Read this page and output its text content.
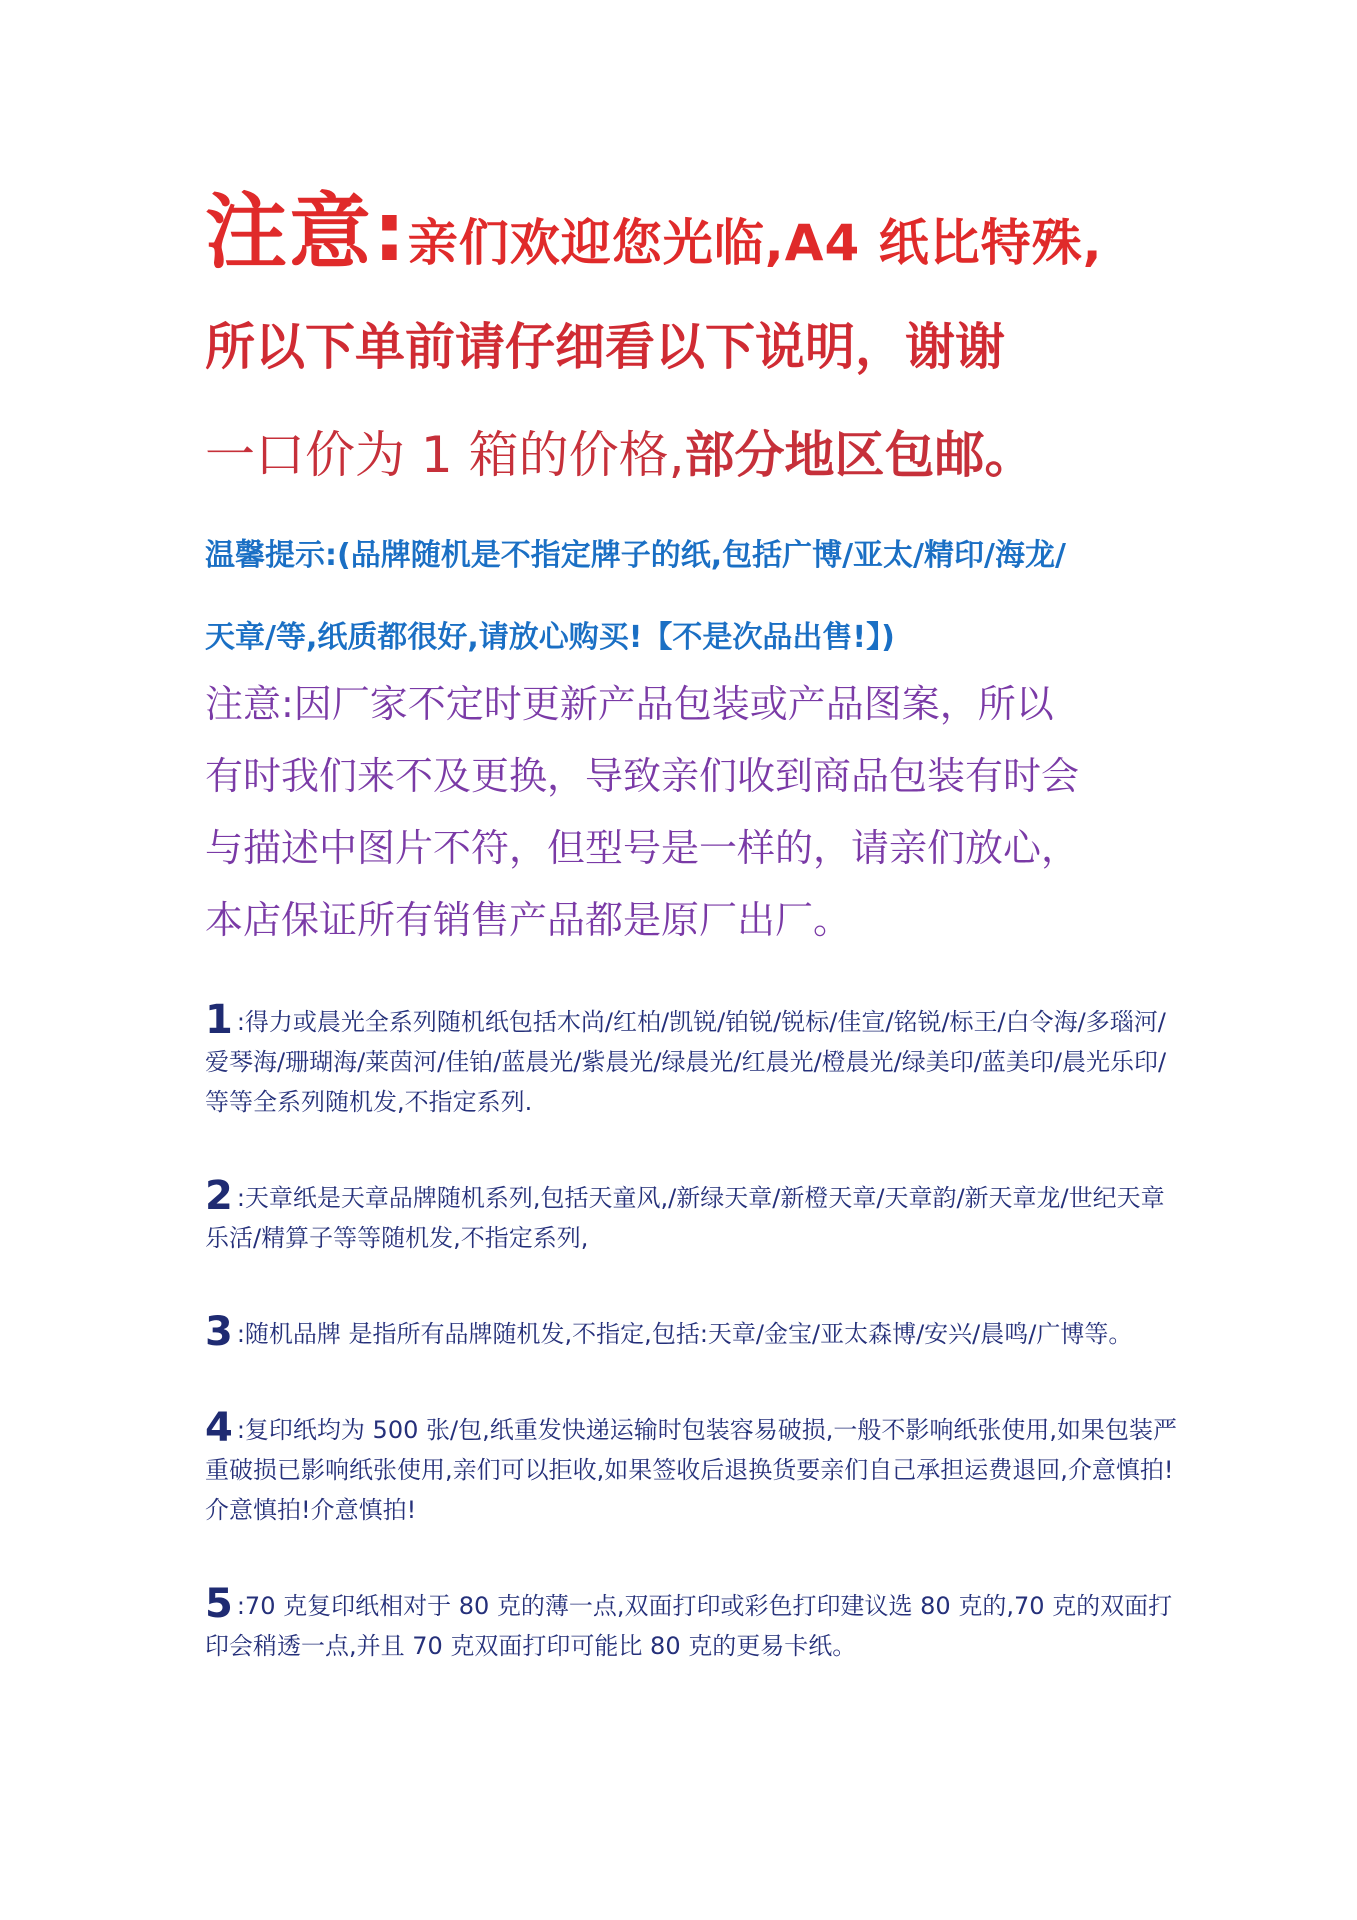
注意:亲们欢迎您光临,A4 纸比特殊,
所以下单前请仔细看以下说明，谢谢
一口价为 1 箱的价格,部分地区包邮。

温馨提示:(品牌随机是不指定牌子的纸,包括广博/亚太/精印/海龙/

天章/等,纸质都很好,请放心购买!【不是次品出售!】)

注意:因厂家不定时更新产品包装或产品图案，所以

有时我们来不及更换，导致亲们收到商品包装有时会

与描述中图片不符，但型号是一样的，请亲们放心，

本店保证所有销售产品都是原厂出厂。

1 :得力或晨光全系列随机纸包括木尚/红柏/凯锐/铂锐/锐标/佳宣/铭锐/标王/白令海/多瑙河/爱琴海/珊瑚海/莱茵河/佳铂/蓝晨光/紫晨光/绿晨光/红晨光/橙晨光/绿美印/蓝美印/晨光乐印/等等全系列随机发,不指定系列.

2 :天章纸是天章品牌随机系列,包括天童风,/新绿天章/新橙天章/天章韵/新天章龙/世纪天章乐活/精算子等等随机发,不指定系列,

3 :随机品牌 是指所有品牌随机发,不指定,包括:天章/金宝/亚太森博/安兴/晨鸣/广博等。

4 :复印纸均为 500 张/包,纸重发快递运输时包装容易破损,一般不影响纸张使用,如果包装严重破损已影响纸张使用,亲们可以拒收,如果签收后退换货要亲们自己承担运费退回,介意慎拍!介意慎拍!介意慎拍!

5 :70 克复印纸相对于 80 克的薄一点,双面打印或彩色打印建议选 80 克的,70 克的双面打印会稍透一点,并且 70 克双面打印可能比 80 克的更易卡纸。
